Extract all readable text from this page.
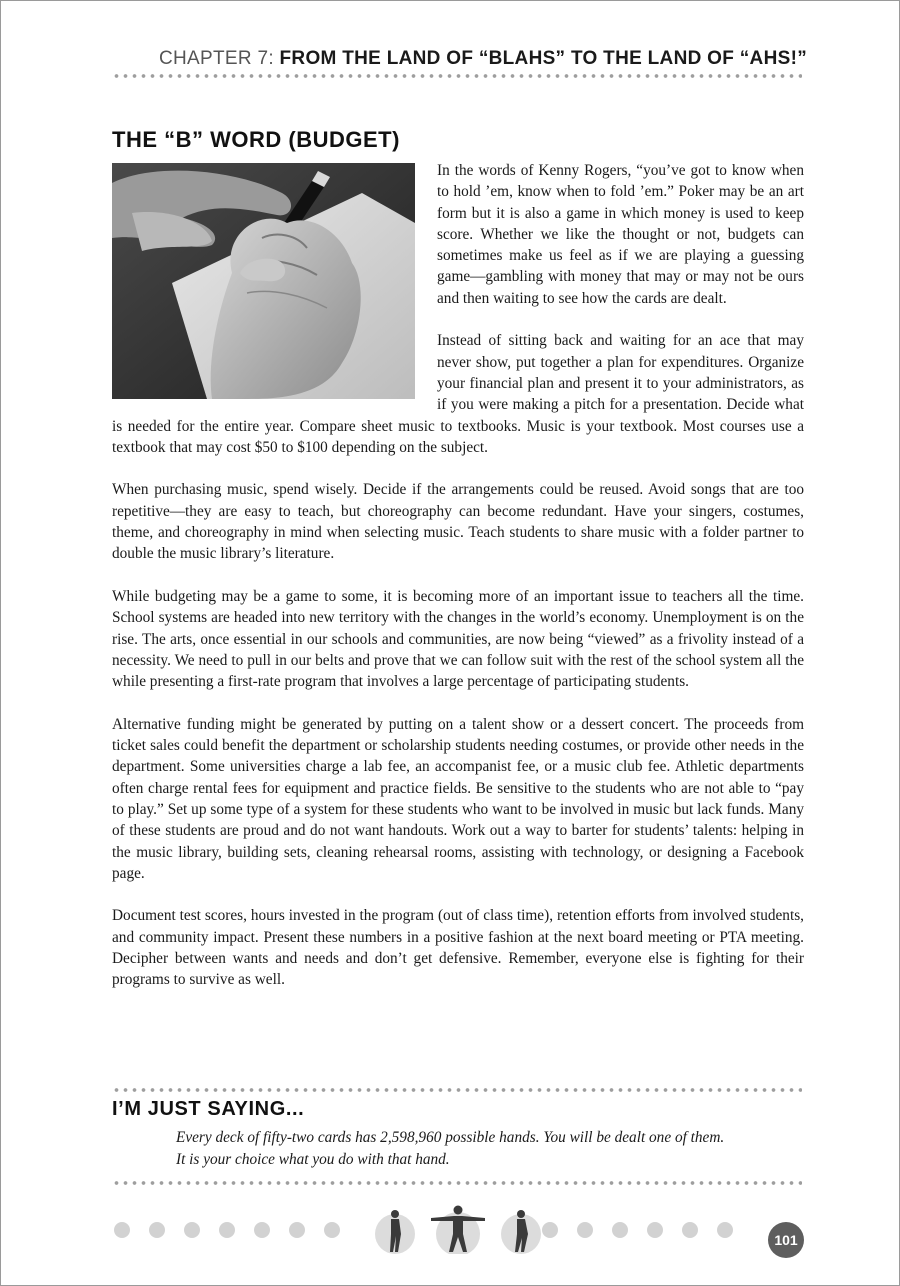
CHAPTER 7: FROM THE LAND OF “BLAHS” TO THE LAND OF “AHS!”
THE “B” WORD (BUDGET)

In the words of Kenny Rogers, “you’ve got to know when to hold ’em, know when to fold ’em.” Poker may be an art form but it is also a game in which money is used to keep score. Whether we like the thought or not, budgets can sometimes make us feel as if we are playing a guessing game—gambling with money that may or may not be ours and then waiting to see how the cards are dealt.

Instead of sitting back and waiting for an ace that may never show, put together a plan for expenditures. Organize your financial plan and present it to your administrators, as if you were making a pitch for a presentation. Decide what is needed for the entire year. Compare sheet music to textbooks. Music is your textbook. Most courses use a textbook that may cost $50 to $100 depending on the subject.

When purchasing music, spend wisely. Decide if the arrangements could be reused. Avoid songs that are too repetitive—they are easy to teach, but choreography can become redundant. Have your singers, costumes, theme, and choreography in mind when selecting music. Teach students to share music with a folder partner to double the music library’s literature.

While budgeting may be a game to some, it is becoming more of an important issue to teachers all the time. School systems are headed into new territory with the changes in the world’s economy. Unemployment is on the rise. The arts, once essential in our schools and communities, are now being “viewed” as a frivolity instead of a necessity. We need to pull in our belts and prove that we can follow suit with the rest of the school system all the while presenting a first-rate program that involves a large percentage of participating students.

Alternative funding might be generated by putting on a talent show or a dessert concert. The proceeds from ticket sales could benefit the department or scholarship students needing costumes, or provide other needs in the department. Some universities charge a lab fee, an accompanist fee, or a music club fee. Athletic departments often charge rental fees for equipment and practice fields. Be sensitive to the students who are not able to “pay to play.” Set up some type of a system for these students who want to be involved in music but lack funds. Many of these students are proud and do not want handouts. Work out a way to barter for students’ talents: helping in the music library, building sets, cleaning rehearsal rooms, assisting with technology, or designing a Facebook page.

Document test scores, hours invested in the program (out of class time), retention efforts from involved students, and community impact. Present these numbers in a positive fashion at the next board meeting or PTA meeting. Decipher between wants and needs and don’t get defensive. Remember, everyone else is fighting for their programs to survive as well.

I’M JUST SAYING...
Every deck of fifty-two cards has 2,598,960 possible hands. You will be dealt one of them.
It is your choice what you do with that hand.
101
